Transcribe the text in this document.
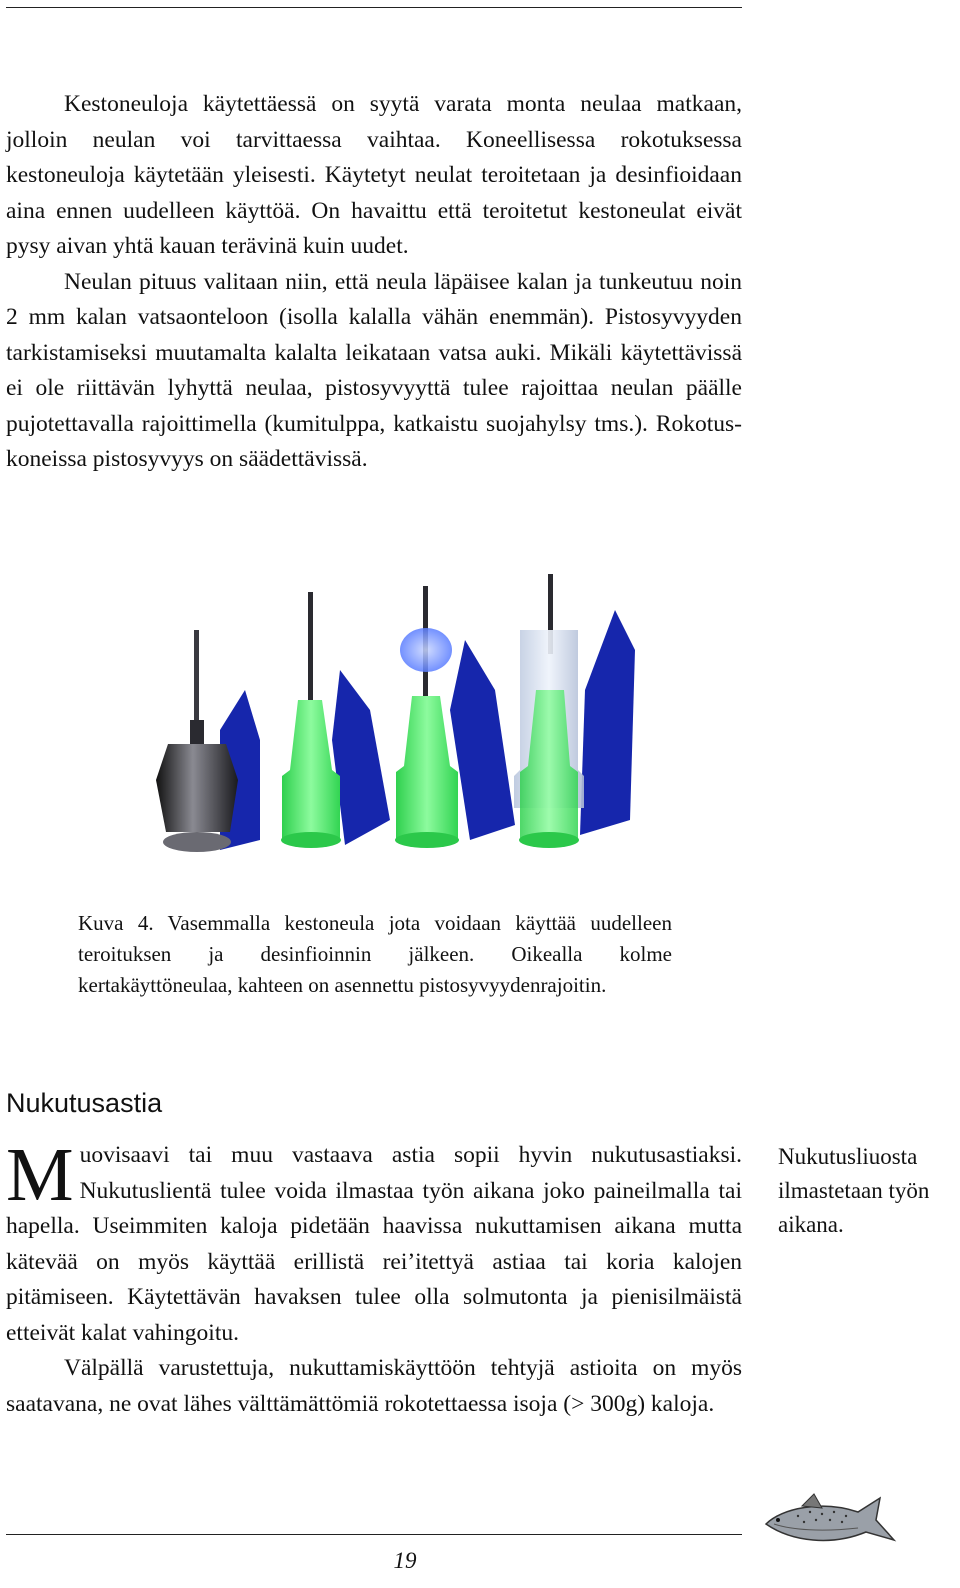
Kestoneuloja käytettäessä on syytä varata monta neulaa matkaan, jolloin neulan voi tarvittaessa vaihtaa. Koneellisessa rokotuksessa kestoneuloja käytetään yleisesti. Käytetyt neulat teroitetaan ja desinfioidaan aina ennen uudelleen käyttöä. On havaittu että teroitetut kestoneulat eivät pysy aivan yhtä kauan terävinä kuin uudet.

Neulan pituus valitaan niin, että neula läpäisee kalan ja tunkeutuu noin 2 mm kalan vatsaonteloon (isolla kalalla vähän enemmän). Pistosyvyyden tarkistamiseksi muutamalta kalalta leikataan vatsa auki. Mikäli käytettävissä ei ole riittävän lyhyttä neulaa, pistosyvyyttä tulee rajoittaa neulan päälle pujotettavalla rajoittimella (kumitulppa, katkaistu suojahylsy tms.). Rokotuskoneissa pistosyvyys on säädettävissä.

Kuva 4. Vasemmalla kestoneula jota voidaan käyttää uudelleen teroituksen ja desinfioinnin jälkeen. Oikealla kolme kertakäyttöneulaa, kahteen on asennettu pistosyvyydenrajoitin.
Nukutusastia

Muovisaavi tai muu vastaava astia sopii hyvin nukutusastiaksi. Nukutuslientä tulee voida ilmastaa työn aikana joko paineilmalla tai hapella. Useimmiten kaloja pidetään haavissa nukuttamisen aikana mutta kätevää on myös käyttää erillistä rei’itettyä astiaa tai koria kalojen pitämiseen. Käytettävän havaksen tulee olla solmutonta ja pienisilmäistä etteivät kalat vahingoitu.

Välpällä varustettuja, nukuttamiskäyttöön tehtyjä astioita on myös saatavana, ne ovat lähes välttämättömiä rokotettaessa isoja (> 300g) kaloja.

Nukutusliuosta ilmastetaan työn aikana.
19
